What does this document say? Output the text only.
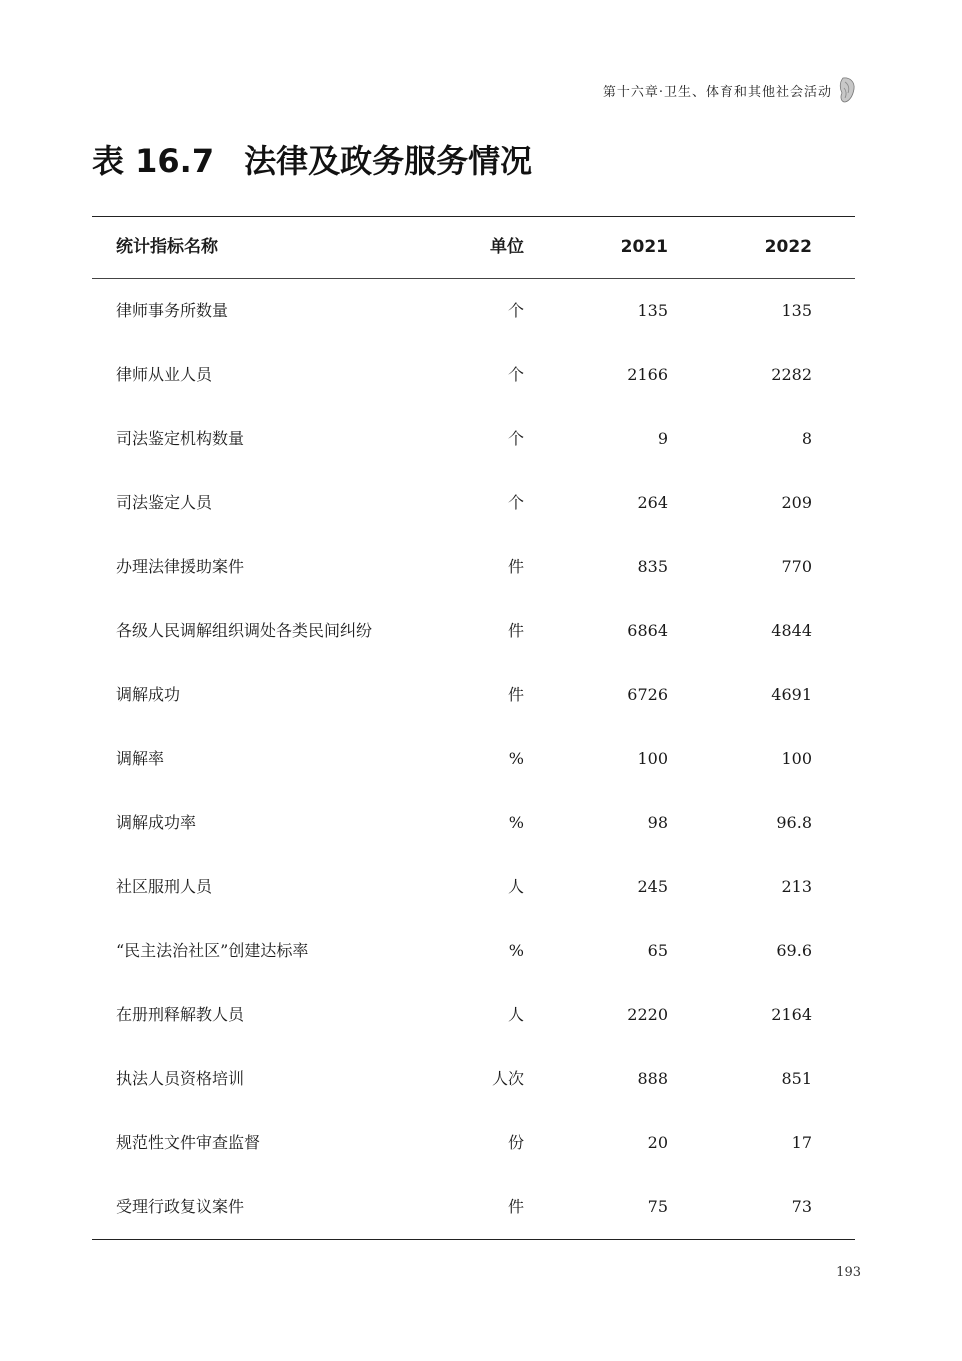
第十六章·卫生、体育和其他社会活动
表 16.7 法律及政务服务情况
统计指标名称	单位	2021	2022
律师事务所数量	个	135	135
律师从业人员	个	2166	2282
司法鉴定机构数量	个	9	8
司法鉴定人员	个	264	209
办理法律援助案件	件	835	770
各级人民调解组织调处各类民间纠纷	件	6864	4844
调解成功	件	6726	4691
调解率	%	100	100
调解成功率	%	98	96.8
社区服刑人员	人	245	213
“民主法治社区”创建达标率	%	65	69.6
在册刑释解教人员	人	2220	2164
执法人员资格培训	人次	888	851
规范性文件审查监督	份	20	17
受理行政复议案件	件	75	73
193
